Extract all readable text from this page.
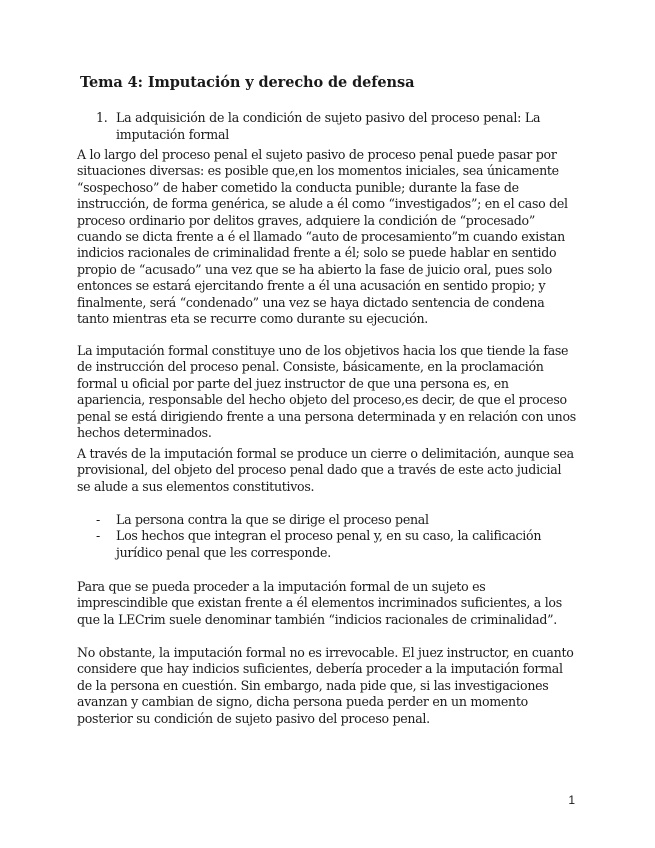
Tema 4: Imputación y derecho de defensa
1. La adquisición de la condición de sujeto pasivo del proceso penal: La imputación formal

A lo largo del proceso penal el sujeto pasivo de proceso penal puede pasar por situaciones diversas: es posible que,en los momentos iniciales, sea únicamente “sospechoso” de haber cometido la conducta punible; durante la fase de instrucción, de forma genérica, se alude a él como “investigados”; en el caso del proceso ordinario por delitos graves, adquiere la condición de “procesado” cuando se dicta frente a é el llamado “auto de procesamiento”m cuando existan indicios racionales de criminalidad frente a él; solo se puede hablar en sentido propio de “acusado” una vez que se ha abierto la fase de juicio oral, pues solo entonces se estará ejercitando frente a él una acusación en sentido propio; y finalmente, será “condenado” una vez se haya dictado sentencia de condena tanto mientras eta se recurre como durante su ejecución.

La imputación formal constituye uno de los objetivos hacia los que tiende la fase de instrucción del proceso penal. Consiste, básicamente, en la proclamación formal u oficial por parte del juez instructor de que una persona es, en apariencia, responsable del hecho objeto del proceso,es decir, de que el proceso penal se está dirigiendo frente a una persona determinada y en relación con unos hechos determinados.

A través de la imputación formal se produce un cierre o delimitación, aunque sea provisional, del objeto del proceso penal dado que a través de este acto judicial se alude a sus elementos constitutivos.

- La persona contra la que se dirige el proceso penal
- Los hechos que integran el proceso penal y, en su caso, la calificación jurídico penal que les corresponde.

Para que se pueda proceder a la imputación formal de un sujeto es imprescindible que existan frente a él elementos incriminados suficientes, a los que la LECrim suele denominar también “indicios racionales de criminalidad”.

No obstante, la imputación formal no es irrevocable. El juez instructor, en cuanto considere que hay indicios suficientes, debería proceder a la imputación formal de la persona en cuestión. Sin embargo, nada pide que, si las investigaciones avanzan y cambian de signo, dicha persona pueda perder en un momento posterior su condición de sujeto pasivo del proceso penal.

1
